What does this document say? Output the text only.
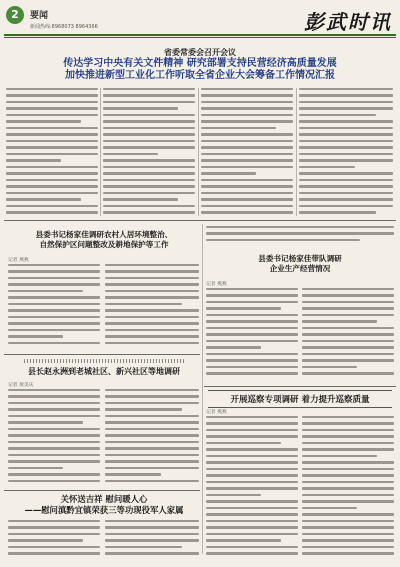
2	要闻
新闻热线:8968073 8964366	彭武时讯
省委常委会召开会议
传达学习中央有关文件精神 研究部署支持民营经济高质量发展
加快推进新型工业化工作听取全省企业大会筹备工作情况汇报
县委书记杨家佳调研农村人居环境整治、
自然保护区问题整改及耕地保护等工作
记者 燕燕	县委书记杨家佳带队调研
企业生产经营情况
记者 燕燕
县长赵永洲到老城社区、新兴社区等地调研
记者 敖美庆
开展巡察专项调研 着力提升巡察质量
记者 燕燕
关怀送吉祥 慰问暖人心
——慰问滇黔宜镇荣获三等功现役军人家属
